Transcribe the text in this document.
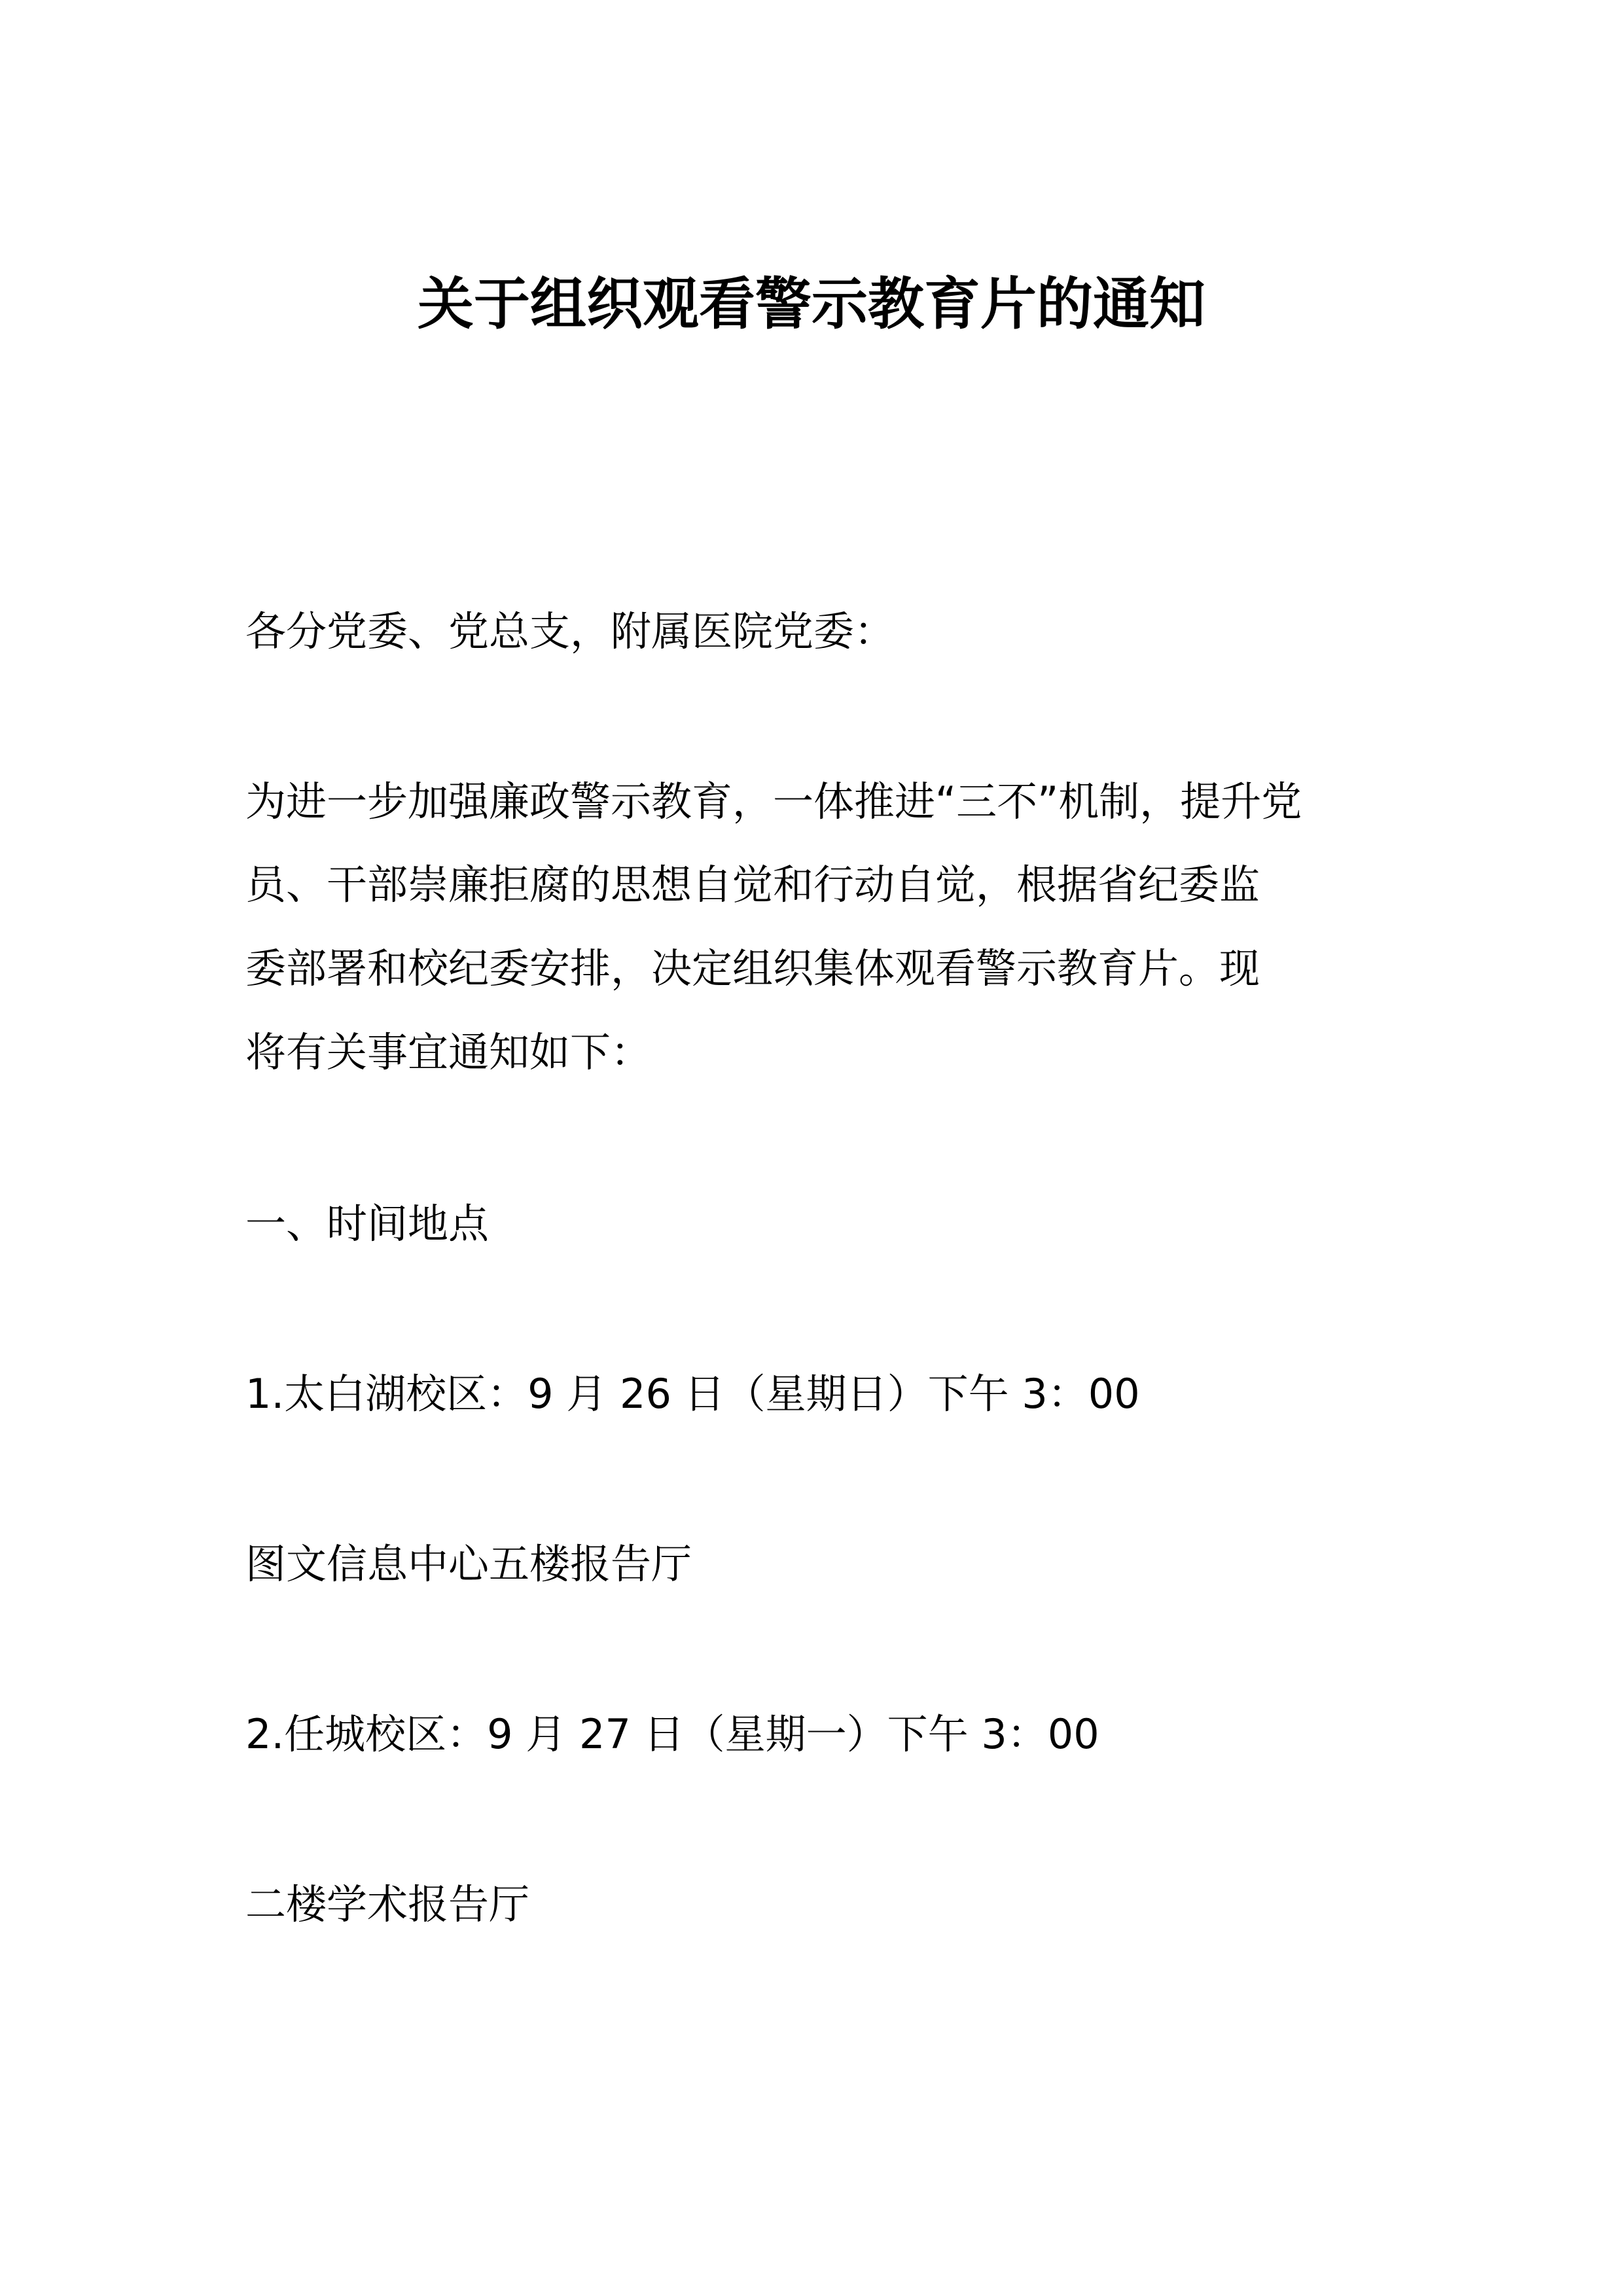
关于组织观看警示教育片的通知
各分党委、党总支，附属医院党委：
为进一步加强廉政警示教育，一体推进“三不”机制，提升党
员、干部崇廉拒腐的思想自觉和行动自觉，根据省纪委监
委部署和校纪委安排，决定组织集体观看警示教育片。现
将有关事宜通知如下：
一、时间地点
1.太白湖校区：9 月 26 日（星期日）下午 3：00
图文信息中心五楼报告厅
2.任城校区：9 月 27 日（星期一）下午 3：00
二楼学术报告厅
